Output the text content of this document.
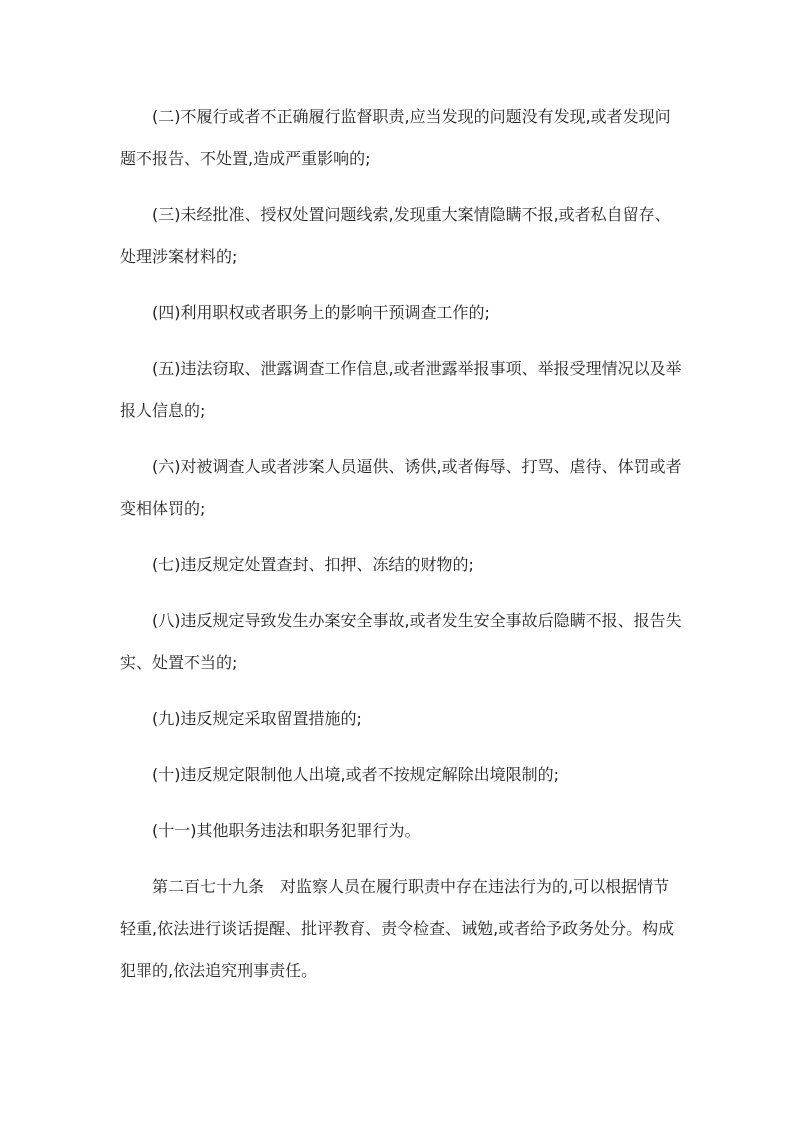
(二)不履行或者不正确履行监督职责,应当发现的问题没有发现,或者发现问
题不报告、不处置,造成严重影响的;
(三)未经批准、授权处置问题线索,发现重大案情隐瞒不报,或者私自留存、
处理涉案材料的;
(四)利用职权或者职务上的影响干预调查工作的;
(五)违法窃取、泄露调查工作信息,或者泄露举报事项、举报受理情况以及举
报人信息的;
(六)对被调查人或者涉案人员逼供、诱供,或者侮辱、打骂、虐待、体罚或者
变相体罚的;
(七)违反规定处置查封、扣押、冻结的财物的;
(八)违反规定导致发生办案安全事故,或者发生安全事故后隐瞒不报、报告失
实、处置不当的;
(九)违反规定采取留置措施的;
(十)违反规定限制他人出境,或者不按规定解除出境限制的;
(十一)其他职务违法和职务犯罪行为。
第二百七十九条　对监察人员在履行职责中存在违法行为的,可以根据情节
轻重,依法进行谈话提醒、批评教育、责令检查、诫勉,或者给予政务处分。构成
犯罪的,依法追究刑事责任。
